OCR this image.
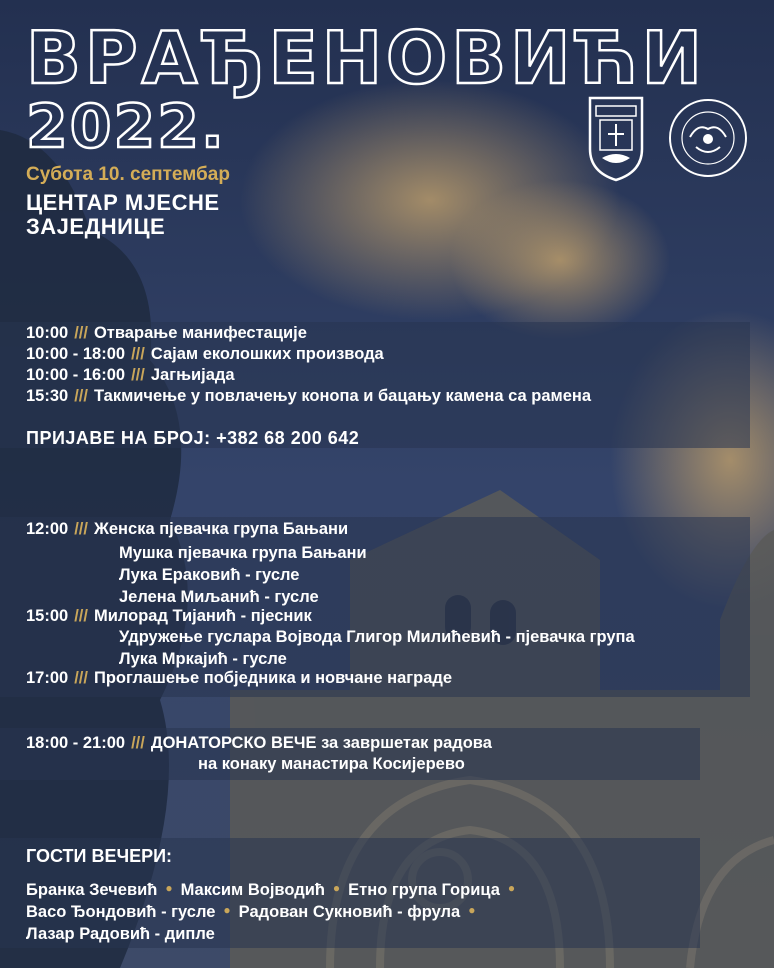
ВРАЂЕНОВИЋИ
2022.
Субота 10. септембар
ЦЕНТАР МЈЕСНЕ
ЗАЈЕДНИЦЕ
10:00 /// Отварање манифестације
10:00 - 18:00 /// Сајам еколошких производа
10:00 - 16:00 /// Јагњијада
15:30 /// Такмичење у повлачењу конопа и бацању камена са рамена
ПРИЈАВЕ НА БРОЈ: +382 68 200 642
12:00 /// Женска пјевачка група Бањани
Мушка пјевачка група Бањани
Лука Ераковић - гусле
Јелена Миљанић - гусле
15:00 /// Милорад Тијанић - пјесник
Удружење гуслара Војвода Глигор Милићевић - пјевачка група
Лука Мркајић - гусле
17:00 /// Проглашење побједника и новчане награде
18:00 - 21:00 /// ДОНАТОРСКО ВЕЧЕ за завршетак радова
на конаку манастира Косијерево
ГОСТИ ВЕЧЕРИ:
Бранка Зечевић ● Максим Војводић ● Етно група Горица ●
Васо Ђондовић - гусле ● Радован Сукновић - фрула ●
Лазар Радовић - дипле
